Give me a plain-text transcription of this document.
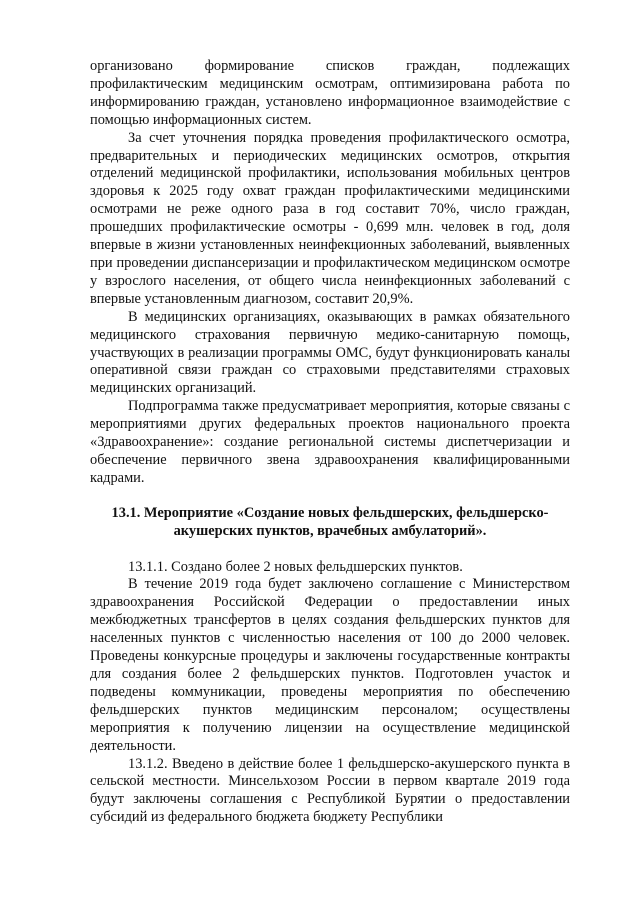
организовано формирование списков граждан, подлежащих профилактическим медицинским осмотрам, оптимизирована работа по информированию граждан, установлено информационное взаимодействие с помощью информационных систем.

За счет уточнения порядка проведения профилактического осмотра, предварительных и периодических медицинских осмотров, открытия отделений медицинской профилактики, использования мобильных центров здоровья к 2025 году охват граждан профилактическими медицинскими осмотрами не реже одного раза в год составит 70%, число граждан, прошедших профилактические осмотры - 0,699 млн. человек в год, доля впервые в жизни установленных неинфекционных заболеваний, выявленных при проведении диспансеризации и профилактическом медицинском осмотре у взрослого населения, от общего числа неинфекционных заболеваний с впервые установленным диагнозом, составит 20,9%.

В медицинских организациях, оказывающих в рамках обязательного медицинского страхования первичную медико-санитарную помощь, участвующих в реализации программы ОМС, будут функционировать каналы оперативной связи граждан со страховыми представителями страховых медицинских организаций.

Подпрограмма также предусматривает мероприятия, которые связаны с мероприятиями других федеральных проектов национального проекта «Здравоохранение»: создание региональной системы диспетчеризации и обеспечение первичного звена здравоохранения квалифицированными кадрами.

13.1. Мероприятие «Создание новых фельдшерских, фельдшерско-акушерских пунктов, врачебных амбулаторий».

13.1.1. Создано более 2 новых фельдшерских пунктов.

В течение 2019 года будет заключено соглашение с Министерством здравоохранения Российской Федерации о предоставлении иных межбюджетных трансфертов в целях создания фельдшерских пунктов для населенных пунктов с численностью населения от 100 до 2000 человек. Проведены конкурсные процедуры и заключены государственные контракты для создания более 2 фельдшерских пунктов. Подготовлен участок и подведены коммуникации, проведены мероприятия по обеспечению фельдшерских пунктов медицинским персоналом; осуществлены мероприятия к получению лицензии на осуществление медицинской деятельности.

13.1.2. Введено в действие более 1 фельдшерско-акушерского пункта в сельской местности. Минсельхозом России в первом квартале 2019 года будут заключены соглашения с Республикой Бурятии о предоставлении субсидий из федерального бюджета бюджету Республики
